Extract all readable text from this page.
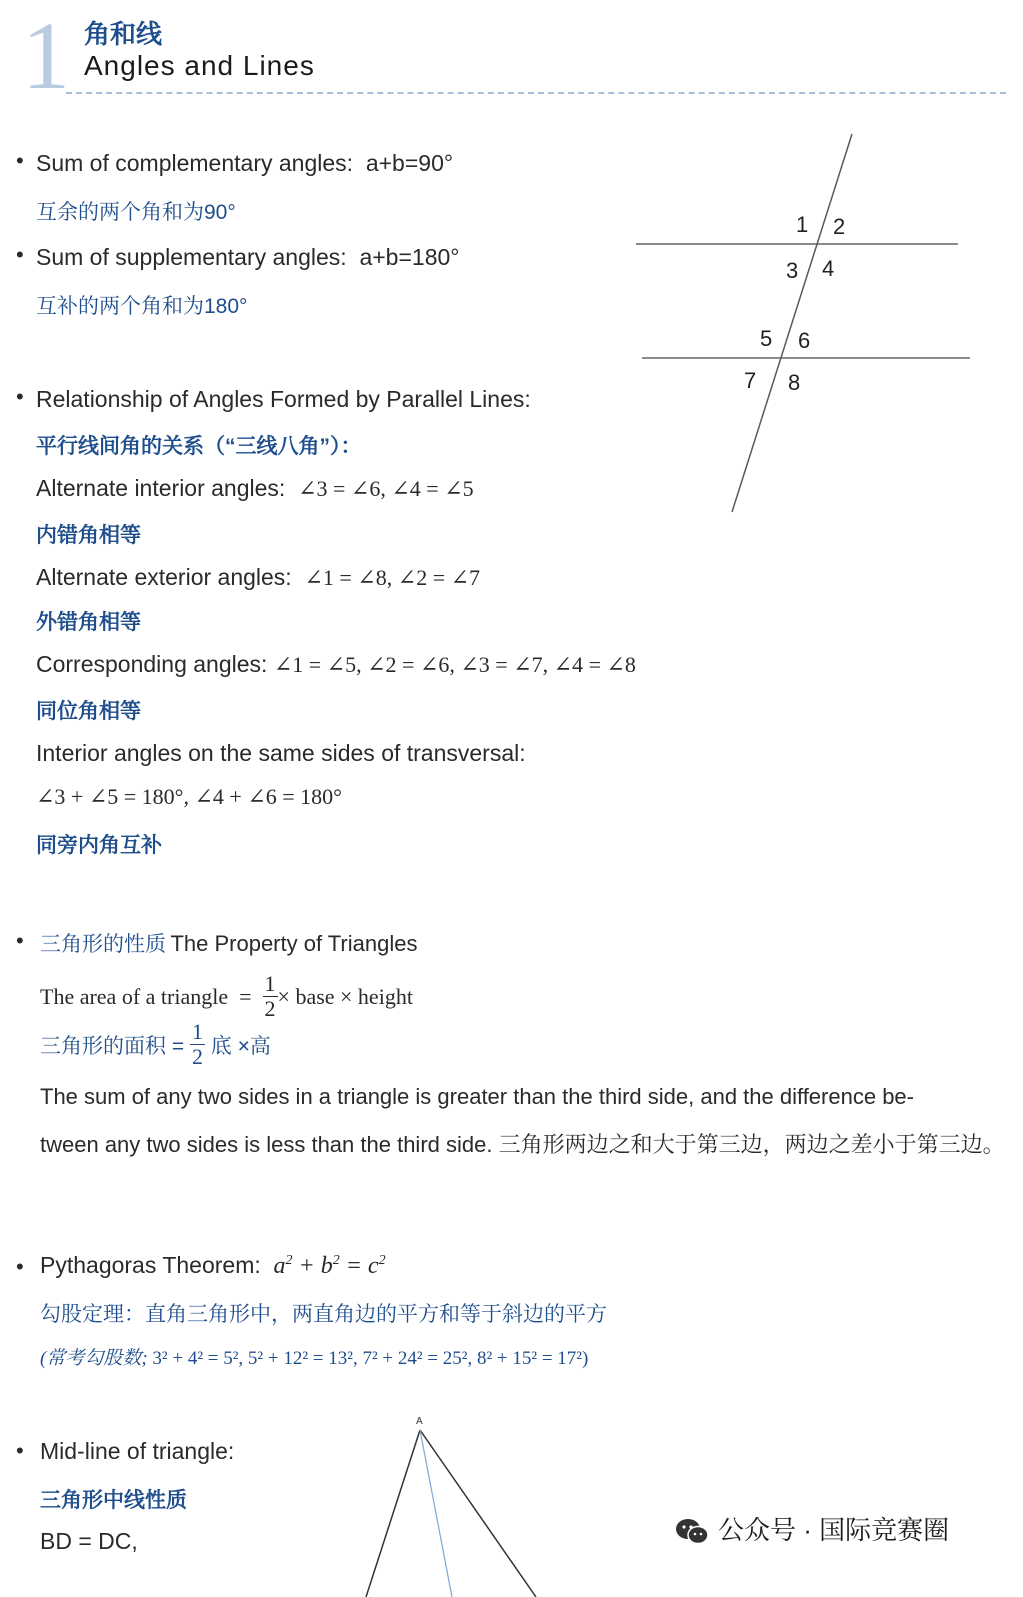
1 角和线
Angles and Lines
• Sum of complementary angles: a+b=90°
互余的两个角和为90°
• Sum of supplementary angles: a+b=180°
互补的两个角和为180°
1 2
3 4
5 6
7 8
• Relationship of Angles Formed by Parallel Lines:
平行线间角的关系（“三线八角”）：
Alternate interior angles: ∠3 = ∠6, ∠4 = ∠5
内错角相等
Alternate exterior angles: ∠1 = ∠8, ∠2 = ∠7
外错角相等
Corresponding angles: ∠1 = ∠5, ∠2 = ∠6, ∠3 = ∠7, ∠4 = ∠8
同位角相等
Interior angles on the same sides of transversal:
∠3 + ∠5 = 180°, ∠4 + ∠6 = 180°
同旁内角互补
• 三角形的性质 The Property of Triangles
The area of a triangle = $\frac{1}{2}$ × base × height
三角形的面积 =
$\frac{1}{2}$
底 ×高
The sum of any two sides in a triangle is greater than the third side, and the difference be-
tween any two sides is less than the third side. 三角形两边之和大于第三边，两边之差小于第三边。
• Pythagoras Theorem: $a^2 + b^2 = c^2$
勾股定理：直角三角形中，两直角边的平方和等于斜边的平方
(常考勾股数; 3² + 4² = 5², 5² + 12² = 13², 7² + 24² = 25², 8² + 15² = 17²)
• Mid-line of triangle:
三角形中线性质
BD = DC,
A
公众号 · 国际竞赛圈
